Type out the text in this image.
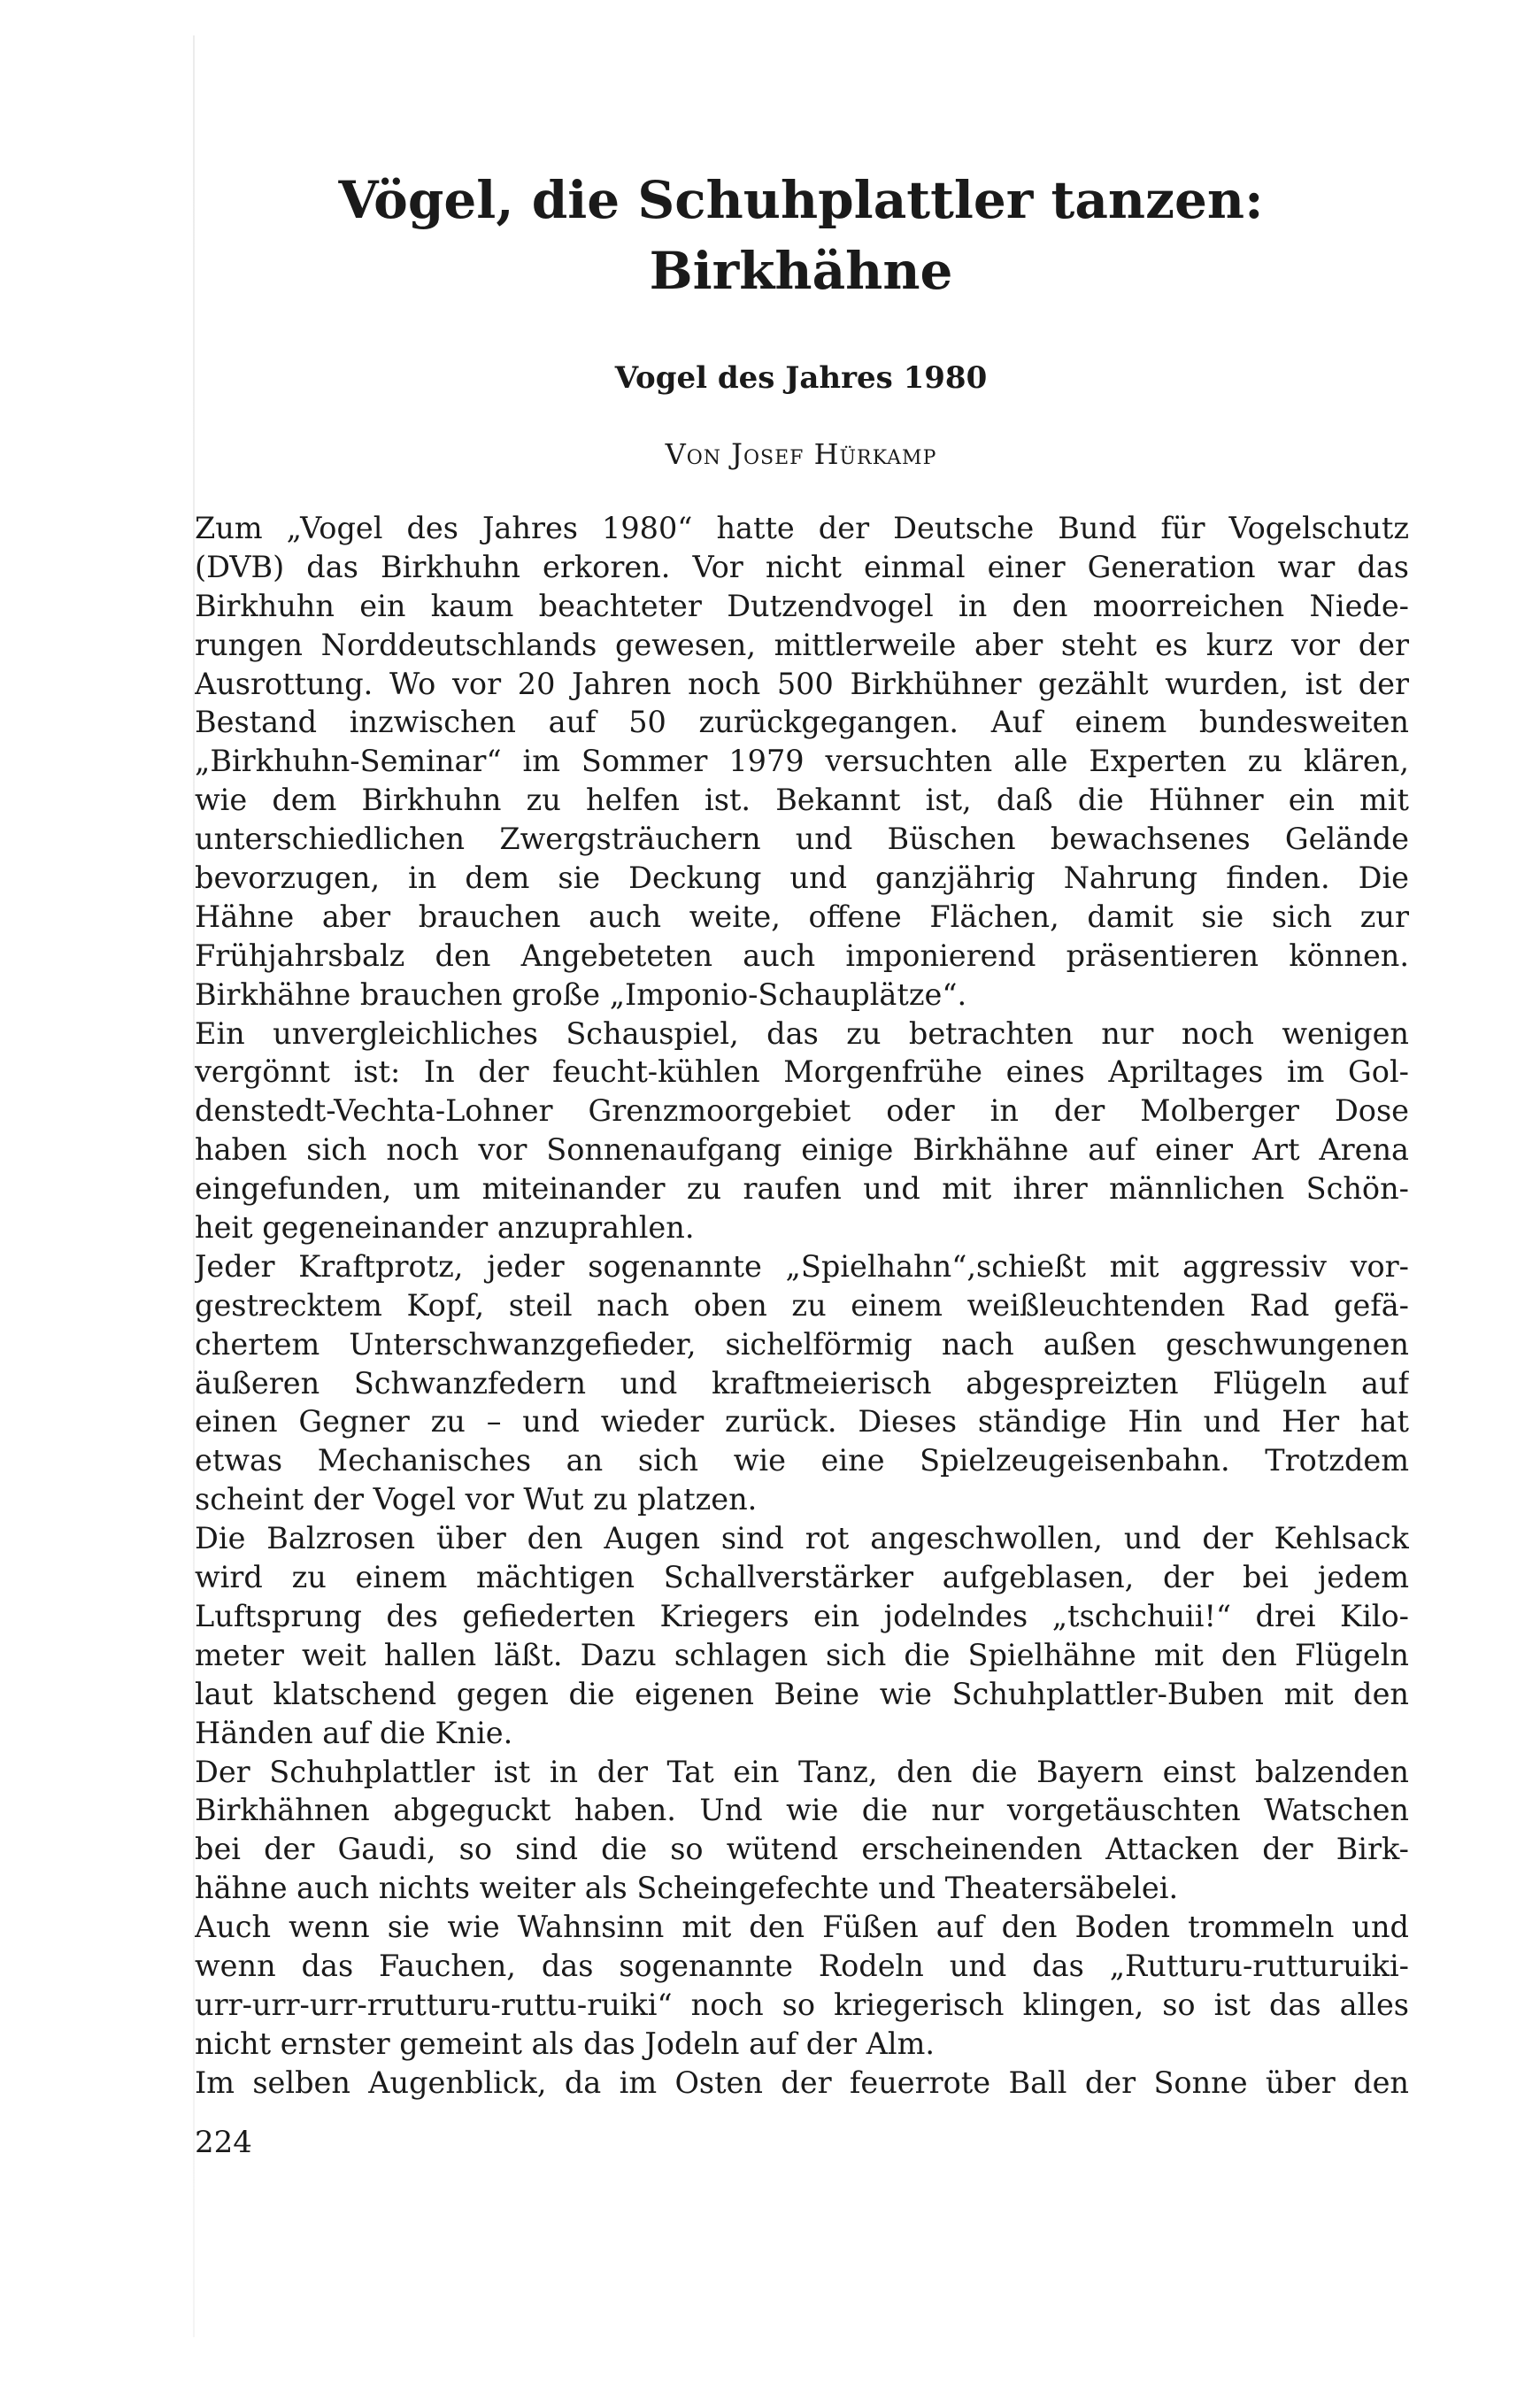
Vögel, die Schuhplattler tanzen:
Birkhähne
Vogel des Jahres 1980

Von Josef Hürkamp

Zum „Vogel des Jahres 1980“ hatte der Deutsche Bund für Vogelschutz
(DVB) das Birkhuhn erkoren. Vor nicht einmal einer Generation war das
Birkhuhn ein kaum beachteter Dutzendvogel in den moorreichen Niede-
rungen Norddeutschlands gewesen, mittlerweile aber steht es kurz vor der
Ausrottung. Wo vor 20 Jahren noch 500 Birkhühner gezählt wurden, ist der
Bestand inzwischen auf 50 zurückgegangen. Auf einem bundesweiten
„Birkhuhn-Seminar“ im Sommer 1979 versuchten alle Experten zu klären,
wie dem Birkhuhn zu helfen ist. Bekannt ist, daß die Hühner ein mit
unterschiedlichen Zwergsträuchern und Büschen bewachsenes Gelände
bevorzugen, in dem sie Deckung und ganzjährig Nahrung finden. Die
Hähne aber brauchen auch weite, offene Flächen, damit sie sich zur
Frühjahrsbalz den Angebeteten auch imponierend präsentieren können.
Birkhähne brauchen große „Imponio-Schauplätze“.
Ein unvergleichliches Schauspiel, das zu betrachten nur noch wenigen
vergönnt ist: In der feucht-kühlen Morgenfrühe eines Apriltages im Gol-
denstedt-Vechta-Lohner Grenzmoorgebiet oder in der Molberger Dose
haben sich noch vor Sonnenaufgang einige Birkhähne auf einer Art Arena
eingefunden, um miteinander zu raufen und mit ihrer männlichen Schön-
heit gegeneinander anzuprahlen.
Jeder Kraftprotz, jeder sogenannte „Spielhahn“,schießt mit aggressiv vor-
gestrecktem Kopf, steil nach oben zu einem weißleuchtenden Rad gefä-
chertem Unterschwanzgefieder, sichelförmig nach außen geschwungenen
äußeren Schwanzfedern und kraftmeierisch abgespreizten Flügeln auf
einen Gegner zu – und wieder zurück. Dieses ständige Hin und Her hat
etwas Mechanisches an sich wie eine Spielzeugeisenbahn. Trotzdem
scheint der Vogel vor Wut zu platzen.
Die Balzrosen über den Augen sind rot angeschwollen, und der Kehlsack
wird zu einem mächtigen Schallverstärker aufgeblasen, der bei jedem
Luftsprung des gefiederten Kriegers ein jodelndes „tschchuii!“ drei Kilo-
meter weit hallen läßt. Dazu schlagen sich die Spielhähne mit den Flügeln
laut klatschend gegen die eigenen Beine wie Schuhplattler-Buben mit den
Händen auf die Knie.
Der Schuhplattler ist in der Tat ein Tanz, den die Bayern einst balzenden
Birkhähnen abgeguckt haben. Und wie die nur vorgetäuschten Watschen
bei der Gaudi, so sind die so wütend erscheinenden Attacken der Birk-
hähne auch nichts weiter als Scheingefechte und Theatersäbelei.
Auch wenn sie wie Wahnsinn mit den Füßen auf den Boden trommeln und
wenn das Fauchen, das sogenannte Rodeln und das „Rutturu-rutturuiki-
urr-urr-urr-rrutturu-ruttu-ruiki“ noch so kriegerisch klingen, so ist das alles
nicht ernster gemeint als das Jodeln auf der Alm.
Im selben Augenblick, da im Osten der feuerrote Ball der Sonne über den
224
